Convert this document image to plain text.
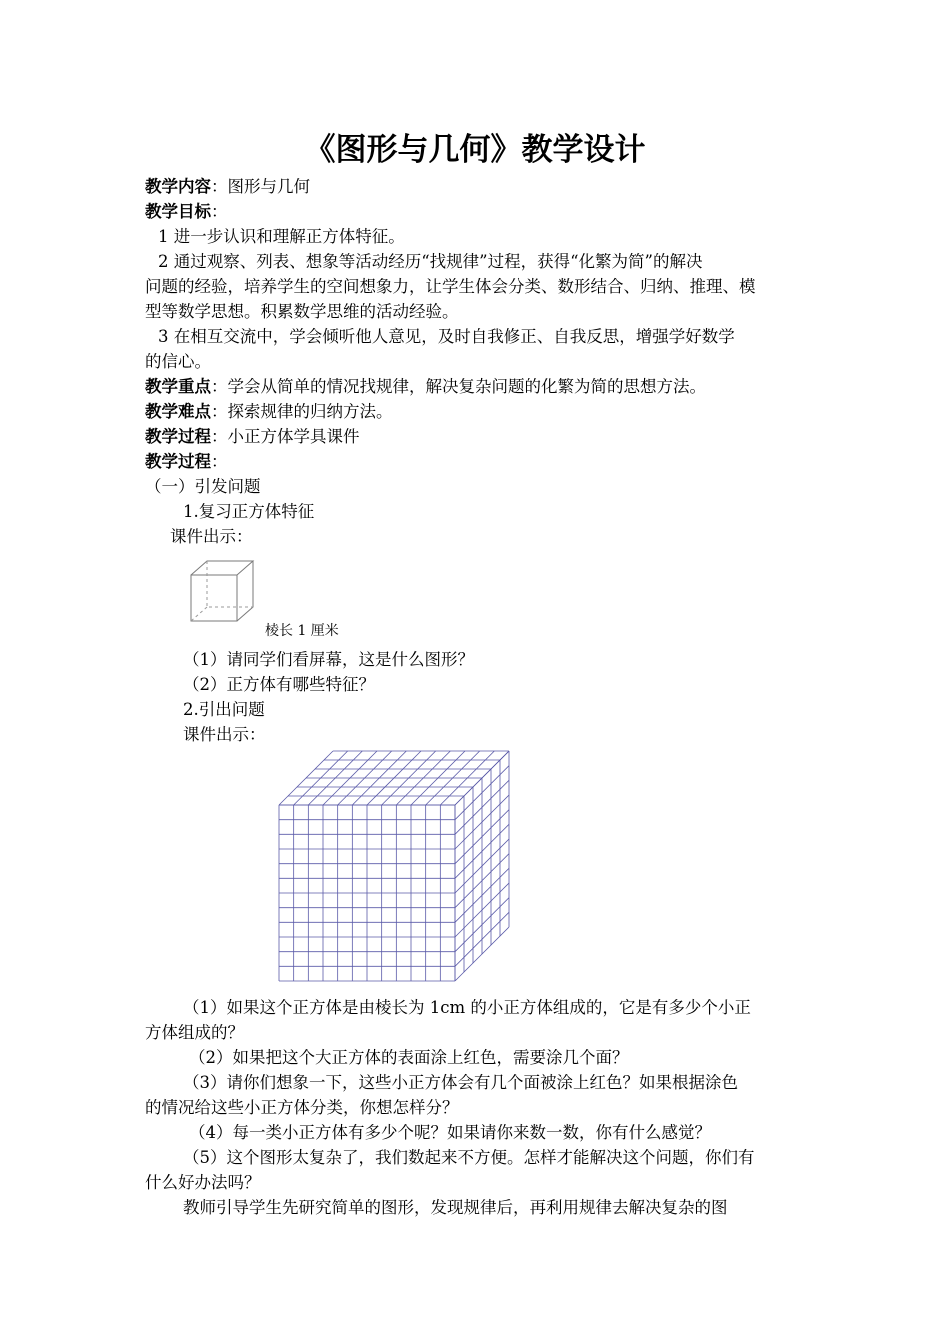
《图形与几何》教学设计
教学内容：图形与几何
教学目标：
1 进一步认识和理解正方体特征。
2 通过观察、列表、想象等活动经历“找规律”过程，获得“化繁为简”的解决
问题的经验，培养学生的空间想象力，让学生体会分类、数形结合、归纳、推理、模
型等数学思想。积累数学思维的活动经验。
3 在相互交流中，学会倾听他人意见，及时自我修正、自我反思，增强学好数学
的信心。
教学重点：学会从简单的情况找规律，解决复杂问题的化繁为简的思想方法。
教学难点：探索规律的归纳方法。
教学过程：小正方体学具课件
教学过程：
（一）引发问题
1.复习正方体特征
课件出示：
棱长 1 厘米
（1）请同学们看屏幕，这是什么图形？
（2）正方体有哪些特征？
2.引出问题
课件出示：
（1）如果这个正方体是由棱长为 1cm 的小正方体组成的，它是有多少个小正
方体组成的？
（2）如果把这个大正方体的表面涂上红色，需要涂几个面？
（3）请你们想象一下，这些小正方体会有几个面被涂上红色？如果根据涂色
的情况给这些小正方体分类，你想怎样分？
（4）每一类小正方体有多少个呢？如果请你来数一数，你有什么感觉？
（5）这个图形太复杂了，我们数起来不方便。怎样才能解决这个问题，你们有
什么好办法吗？
教师引导学生先研究简单的图形，发现规律后，再利用规律去解决复杂的图
